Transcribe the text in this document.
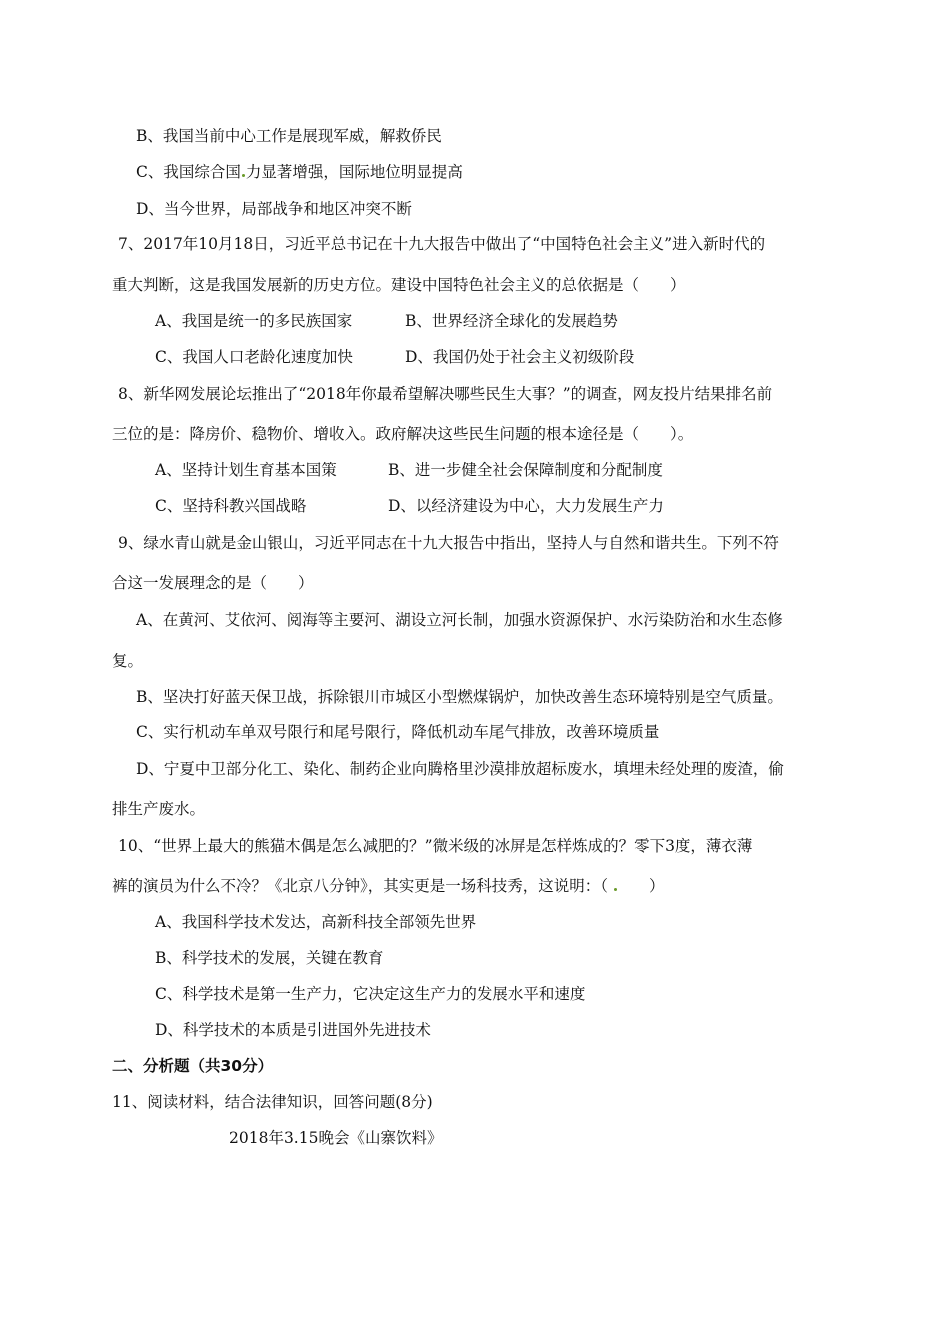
B、我国当前中心工作是展现军威，解救侨民
C、我国综合国 力显著增强，国际地位明显提高
D、当今世界，局部战争和地区冲突不断
7、2017年10月18日，习近平总书记在十九大报告中做出了“中国特色社会主义”进入新时代的
重大判断，这是我国发展新的历史方位。建设中国特色社会主义的总依据是（　　）
A、我国是统一的多民族国家	B、世界经济全球化的发展趋势
C、我国人口老龄化速度加快	D、我国仍处于社会主义初级阶段
8、新华网发展论坛推出了“2018年你最希望解决哪些民生大事？”的调查，网友投片结果排名前
三位的是：降房价、稳物价、增收入。政府解决这些民生问题的根本途径是（　　）。
A、坚持计划生育基本国策	B、进一步健全社会保障制度和分配制度
C、坚持科教兴国战略	D、以经济建设为中心，大力发展生产力
9、绿水青山就是金山银山，习近平同志在十九大报告中指出，坚持人与自然和谐共生。下列不符
合这一发展理念的是（　　）
A、在黄河、艾依河、阅海等主要河、湖设立河长制，加强水资源保护、水污染防治和水生态修
复。
B、坚决打好蓝天保卫战，拆除银川市城区小型燃煤锅炉，加快改善生态环境特别是空气质量。
C、实行机动车单双号限行和尾号限行，降低机动车尾气排放，改善环境质量
D、宁夏中卫部分化工、染化、制药企业向腾格里沙漠排放超标废水，填埋未经处理的废渣，偷
排生产废水。
10、“世界上最大的熊猫木偶是怎么减肥的？”微米级的冰屏是怎样炼成的？零下3度，薄衣薄
裤的演员为什么不冷？《北京八分钟》，其实更是一场科技秀，这说明：（　　）
A、我国科学技术发达，高新科技全部领先世界
B、科学技术的发展，关键在教育
C、科学技术是第一生产力，它决定这生产力的发展水平和速度
D、科学技术的本质是引进国外先进技术
二、分析题（共30分）
11、阅读材料，结合法律知识，回答问题(8分)
2018年3.15晚会《山寨饮料》
